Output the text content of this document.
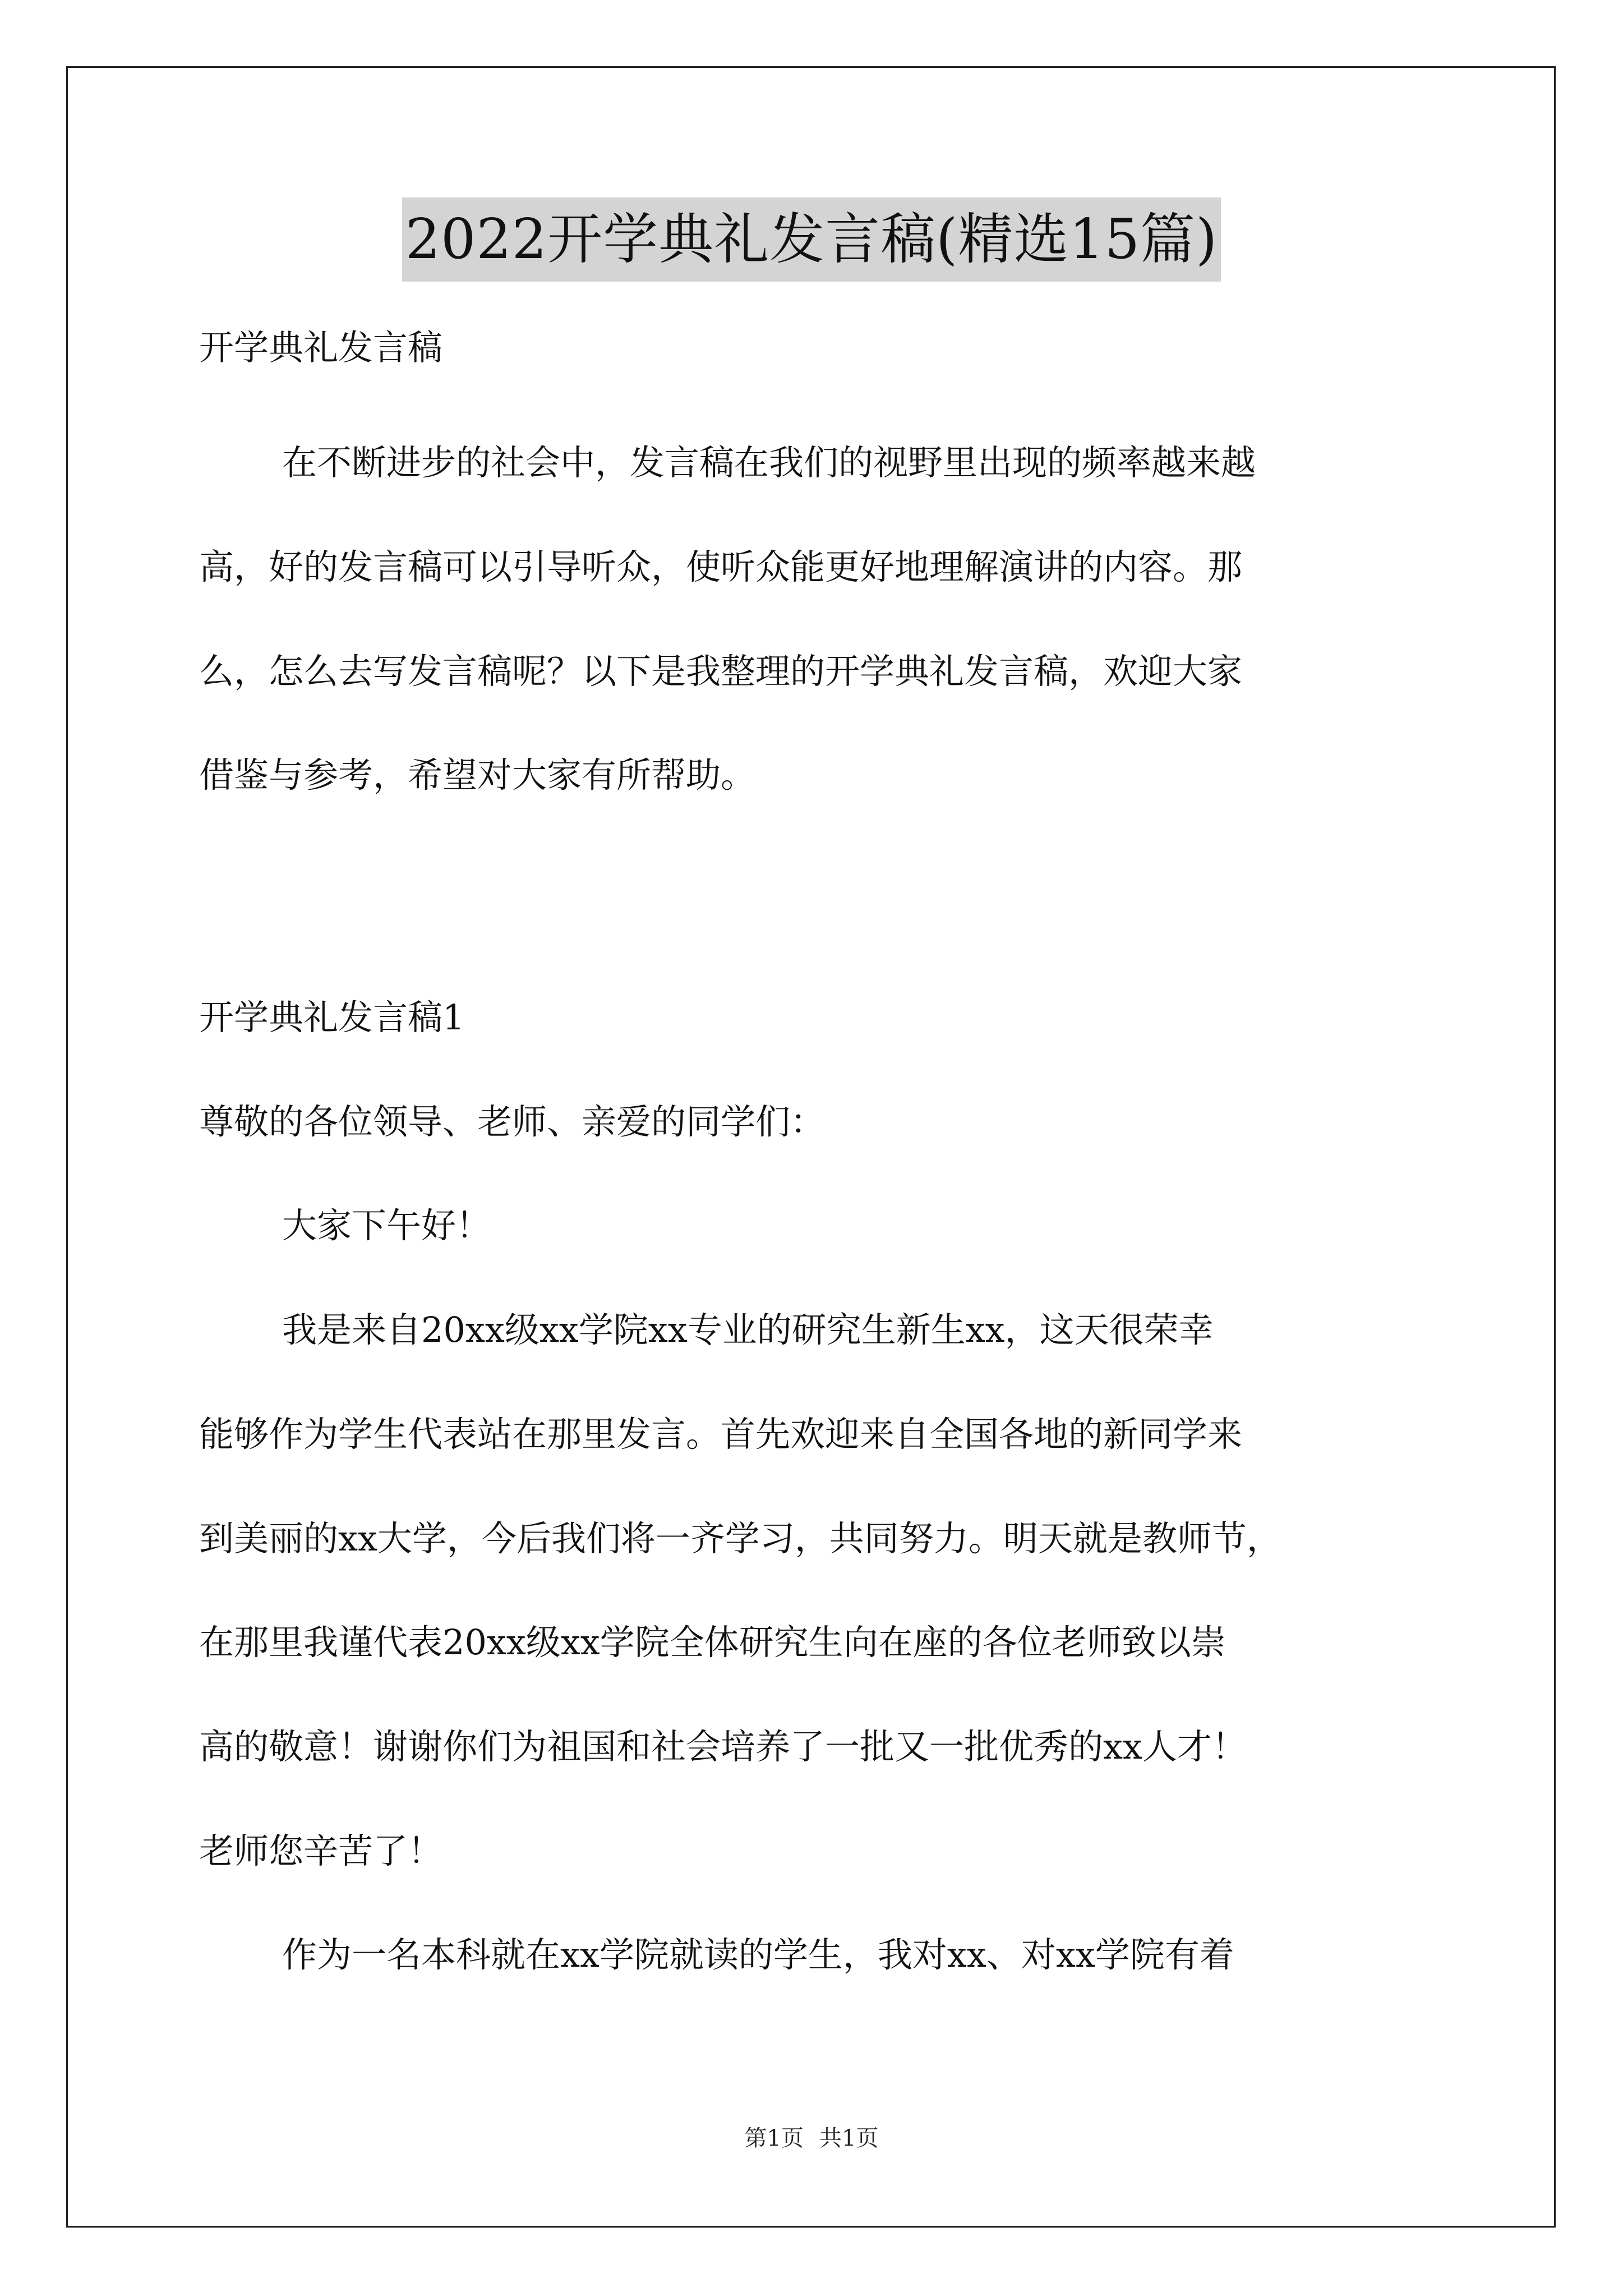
2022开学典礼发言稿(精选15篇)
开学典礼发言稿
在不断进步的社会中，发言稿在我们的视野里出现的频率越来越
高，好的发言稿可以引导听众，使听众能更好地理解演讲的内容。那
么，怎么去写发言稿呢？以下是我整理的开学典礼发言稿，欢迎大家
借鉴与参考，希望对大家有所帮助。
开学典礼发言稿1
尊敬的各位领导、老师、亲爱的同学们：
大家下午好！
我是来自20xx级xx学院xx专业的研究生新生xx，这天很荣幸
能够作为学生代表站在那里发言。首先欢迎来自全国各地的新同学来
到美丽的xx大学，今后我们将一齐学习，共同努力。明天就是教师节，
在那里我谨代表20xx级xx学院全体研究生向在座的各位老师致以崇
高的敬意！谢谢你们为祖国和社会培养了一批又一批优秀的xx人才！
老师您辛苦了！
作为一名本科就在xx学院就读的学生，我对xx、对xx学院有着
第1页 共1页
